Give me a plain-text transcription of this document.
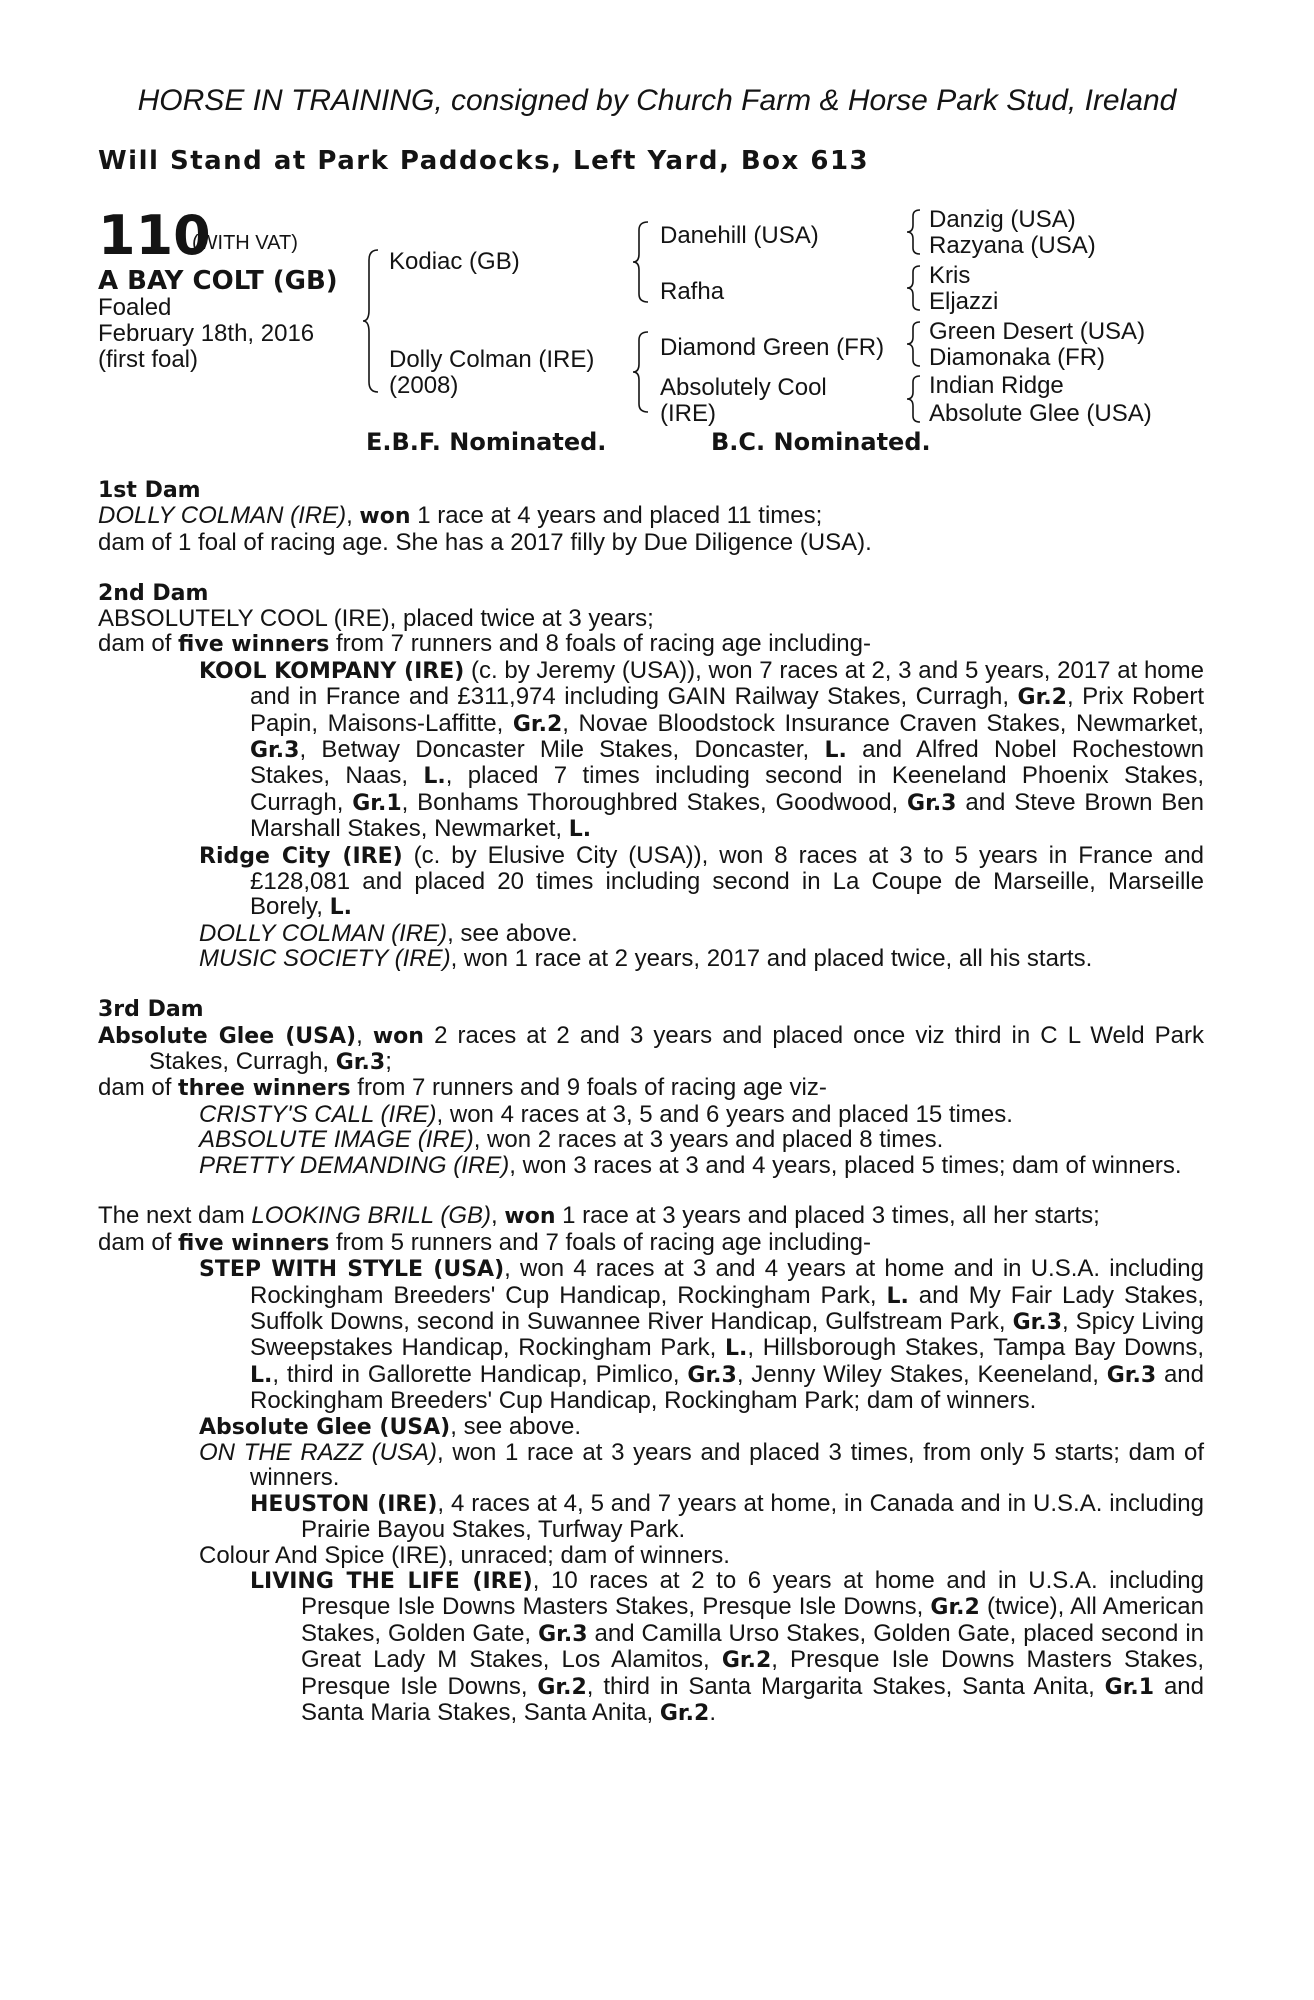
HORSE IN TRAINING, consigned by Church Farm & Horse Park Stud, Ireland
Will Stand at Park Paddocks, Left Yard, Box 613
110
(WITH VAT)
A BAY COLT (GB)
Foaled
February 18th, 2016
(first foal)
Kodiac (GB)
Dolly Colman (IRE)
(2008)
Danehill (USA)
Rafha
Diamond Green (FR)
Absolutely Cool
(IRE)
Danzig (USA)
Razyana (USA)
Kris
Eljazzi
Green Desert (USA)
Diamonaka (FR)
Indian Ridge
Absolute Glee (USA)
E.B.F. Nominated.	B.C. Nominated.

1st Dam

DOLLY COLMAN (IRE), won 1 race at 4 years and placed 11 times;

dam of 1 foal of racing age. She has a 2017 filly by Due Diligence (USA).

2nd Dam

ABSOLUTELY COOL (IRE), placed twice at 3 years;

dam of five winners from 7 runners and 8 foals of racing age including-

KOOL KOMPANY (IRE) (c. by Jeremy (USA)), won 7 races at 2, 3 and 5 years, 2017 at home and in France and £311,974 including GAIN Railway Stakes, Curragh, Gr.2, Prix Robert Papin, Maisons-Laffitte, Gr.2, Novae Bloodstock Insurance Craven Stakes, Newmarket, Gr.3, Betway Doncaster Mile Stakes, Doncaster, L. and Alfred Nobel Rochestown Stakes, Naas, L., placed 7 times including second in Keeneland Phoenix Stakes, Curragh, Gr.1, Bonhams Thoroughbred Stakes, Goodwood, Gr.3 and Steve Brown Ben Marshall Stakes, Newmarket, L.

Ridge City (IRE) (c. by Elusive City (USA)), won 8 races at 3 to 5 years in France and £128,081 and placed 20 times including second in La Coupe de Marseille, Marseille Borely, L.

DOLLY COLMAN (IRE), see above.

MUSIC SOCIETY (IRE), won 1 race at 2 years, 2017 and placed twice, all his starts.

3rd Dam

Absolute Glee (USA), won 2 races at 2 and 3 years and placed once viz third in C L Weld Park Stakes, Curragh, Gr.3;

dam of three winners from 7 runners and 9 foals of racing age viz-

CRISTY'S CALL (IRE), won 4 races at 3, 5 and 6 years and placed 15 times.

ABSOLUTE IMAGE (IRE), won 2 races at 3 years and placed 8 times.

PRETTY DEMANDING (IRE), won 3 races at 3 and 4 years, placed 5 times; dam of winners.

The next dam LOOKING BRILL (GB), won 1 race at 3 years and placed 3 times, all her starts;

dam of five winners from 5 runners and 7 foals of racing age including-

STEP WITH STYLE (USA), won 4 races at 3 and 4 years at home and in U.S.A. including Rockingham Breeders' Cup Handicap, Rockingham Park, L. and My Fair Lady Stakes, Suffolk Downs, second in Suwannee River Handicap, Gulfstream Park, Gr.3, Spicy Living Sweepstakes Handicap, Rockingham Park, L., Hillsborough Stakes, Tampa Bay Downs, L., third in Gallorette Handicap, Pimlico, Gr.3, Jenny Wiley Stakes, Keeneland, Gr.3 and Rockingham Breeders' Cup Handicap, Rockingham Park; dam of winners.

Absolute Glee (USA), see above.

ON THE RAZZ (USA), won 1 race at 3 years and placed 3 times, from only 5 starts; dam of winners.

HEUSTON (IRE), 4 races at 4, 5 and 7 years at home, in Canada and in U.S.A. including Prairie Bayou Stakes, Turfway Park.

Colour And Spice (IRE), unraced; dam of winners.

LIVING THE LIFE (IRE), 10 races at 2 to 6 years at home and in U.S.A. including Presque Isle Downs Masters Stakes, Presque Isle Downs, Gr.2 (twice), All American Stakes, Golden Gate, Gr.3 and Camilla Urso Stakes, Golden Gate, placed second in Great Lady M Stakes, Los Alamitos, Gr.2, Presque Isle Downs Masters Stakes, Presque Isle Downs, Gr.2, third in Santa Margarita Stakes, Santa Anita, Gr.1 and Santa Maria Stakes, Santa Anita, Gr.2.
